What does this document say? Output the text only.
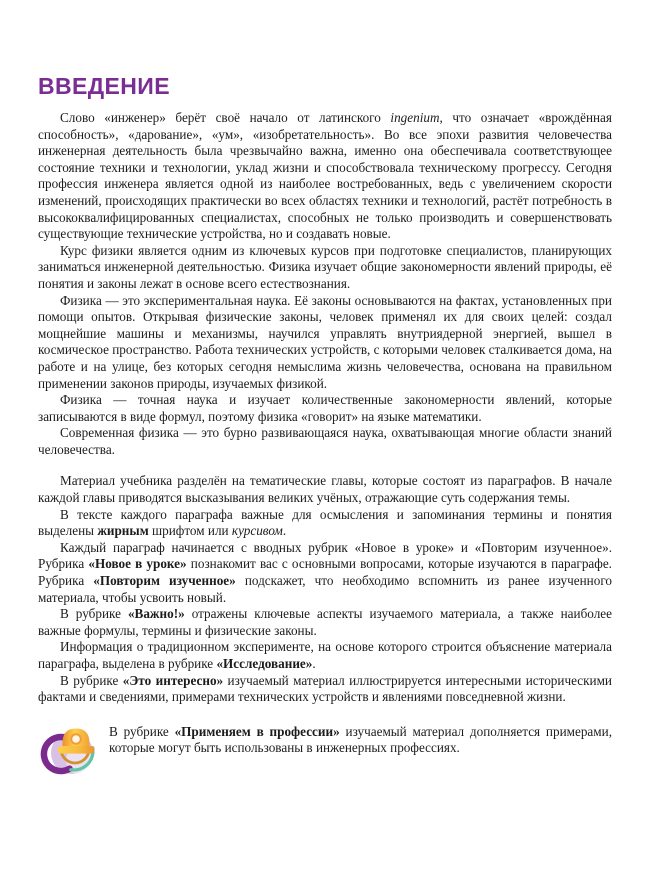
ВВЕДЕНИЕ

Слово «инженер» берёт своё начало от латинского ingenium, что означает «врождённая способность», «дарование», «ум», «изобретательность». Во все эпохи развития человечества инженерная деятельность была чрезвычайно важна, именно она обеспечивала соответствующее состояние техники и технологии, уклад жизни и способствовала техническому прогрессу. Сегодня профессия инженера является одной из наиболее востребованных, ведь с увеличением скорости изменений, происходящих практически во всех областях техники и технологий, растёт потребность в высококвалифицированных специалистах, способных не только производить и совершенствовать существующие технические устройства, но и создавать новые.

Курс физики является одним из ключевых курсов при подготовке специалистов, планирующих заниматься инженерной деятельностью. Физика изучает общие закономерности явлений природы, её понятия и законы лежат в основе всего естествознания.

Физика — это экспериментальная наука. Её законы основываются на фактах, установленных при помощи опытов. Открывая физические законы, человек применял их для своих целей: создал мощнейшие машины и механизмы, научился управлять внутриядерной энергией, вышел в космическое пространство. Работа технических устройств, с которыми человек сталкивается дома, на работе и на улице, без которых сегодня немыслима жизнь человечества, основана на правильном применении законов природы, изучаемых физикой.

Физика — точная наука и изучает количественные закономерности явлений, которые записываются в виде формул, поэтому физика «говорит» на языке математики.

Современная физика — это бурно развивающаяся наука, охватывающая многие области знаний человечества.

Материал учебника разделён на тематические главы, которые состоят из параграфов. В начале каждой главы приводятся высказывания великих учёных, отражающие суть содержания темы.

В тексте каждого параграфа важные для осмысления и запоминания термины и понятия выделены жирным шрифтом или курсивом.

Каждый параграф начинается с вводных рубрик «Новое в уроке» и «Повторим изученное». Рубрика «Новое в уроке» познакомит вас с основными вопросами, которые изучаются в параграфе. Рубрика «Повторим изученное» подскажет, что необходимо вспомнить из ранее изученного материала, чтобы усвоить новый.

В рубрике «Важно!» отражены ключевые аспекты изучаемого материала, а также наиболее важные формулы, термины и физические законы.

Информация о традиционном эксперименте, на основе которого строится объяснение материала параграфа, выделена в рубрике «Исследование».

В рубрике «Это интересно» изучаемый материал иллюстрируется интересными историческими фактами и сведениями, примерами технических устройств и явлениями повседневной жизни.

В рубрике «Применяем в профессии» изучаемый материал дополняется примерами, которые могут быть использованы в инженерных профессиях.
